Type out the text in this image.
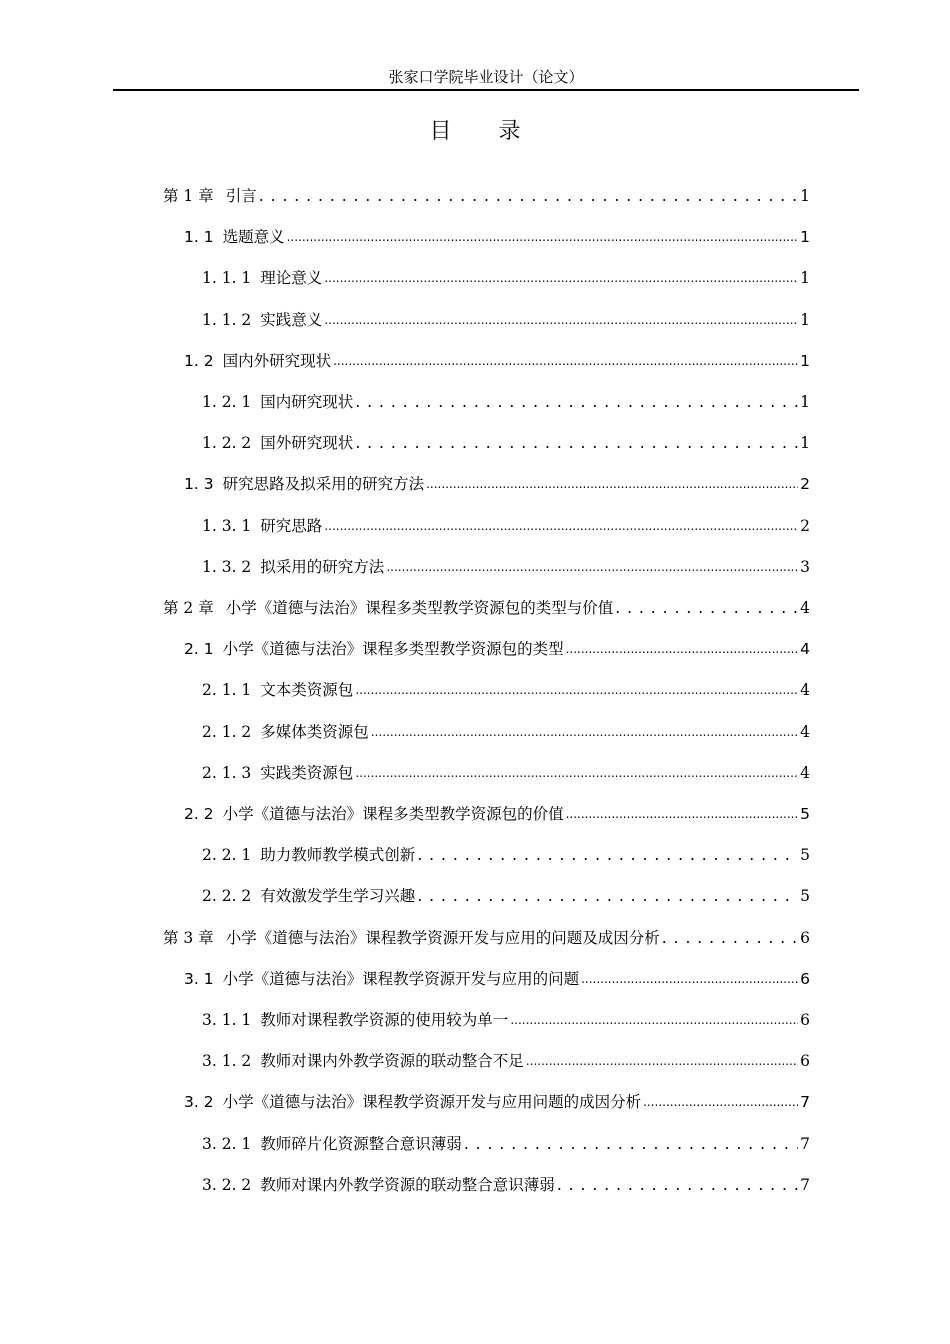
张家口学院毕业设计（论文）
目 录
第 1 章 引言 . . .	1
1. 1 选题意义 .....	1
1. 1. 1 理论意义 .....	1
1. 1. 2 实践意义 .....	1
1. 2 国内外研究现状 .....	1
1. 2. 1 国内研究现状 . . .	1
1. 2. 2 国外研究现状 . . .	1
1. 3 研究思路及拟采用的研究方法 .....	2
1. 3. 1 研究思路 .....	2
1. 3. 2 拟采用的研究方法 .....	3
第 2 章 小学《道德与法治》课程多类型教学资源包的类型与价值 . . .	4
2. 1 小学《道德与法治》课程多类型教学资源包的类型 .....	4
2. 1. 1 文本类资源包 .....	4
2. 1. 2 多媒体类资源包 .....	4
2. 1. 3 实践类资源包 .....	4
2. 2 小学《道德与法治》课程多类型教学资源包的价值 .....	5
2. 2. 1 助力教师教学模式创新 . . .	5
2. 2. 2 有效激发学生学习兴趣 . . .	5
第 3 章 小学《道德与法治》课程教学资源开发与应用的问题及成因分析 . . .	6
3. 1 小学《道德与法治》课程教学资源开发与应用的问题 .....	6
3. 1. 1 教师对课程教学资源的使用较为单一 .....	6
3. 1. 2 教师对课内外教学资源的联动整合不足 .....	6
3. 2 小学《道德与法治》课程教学资源开发与应用问题的成因分析 .....	7
3. 2. 1 教师碎片化资源整合意识薄弱 . . .	7
3. 2. 2 教师对课内外教学资源的联动整合意识薄弱 . . .	7
